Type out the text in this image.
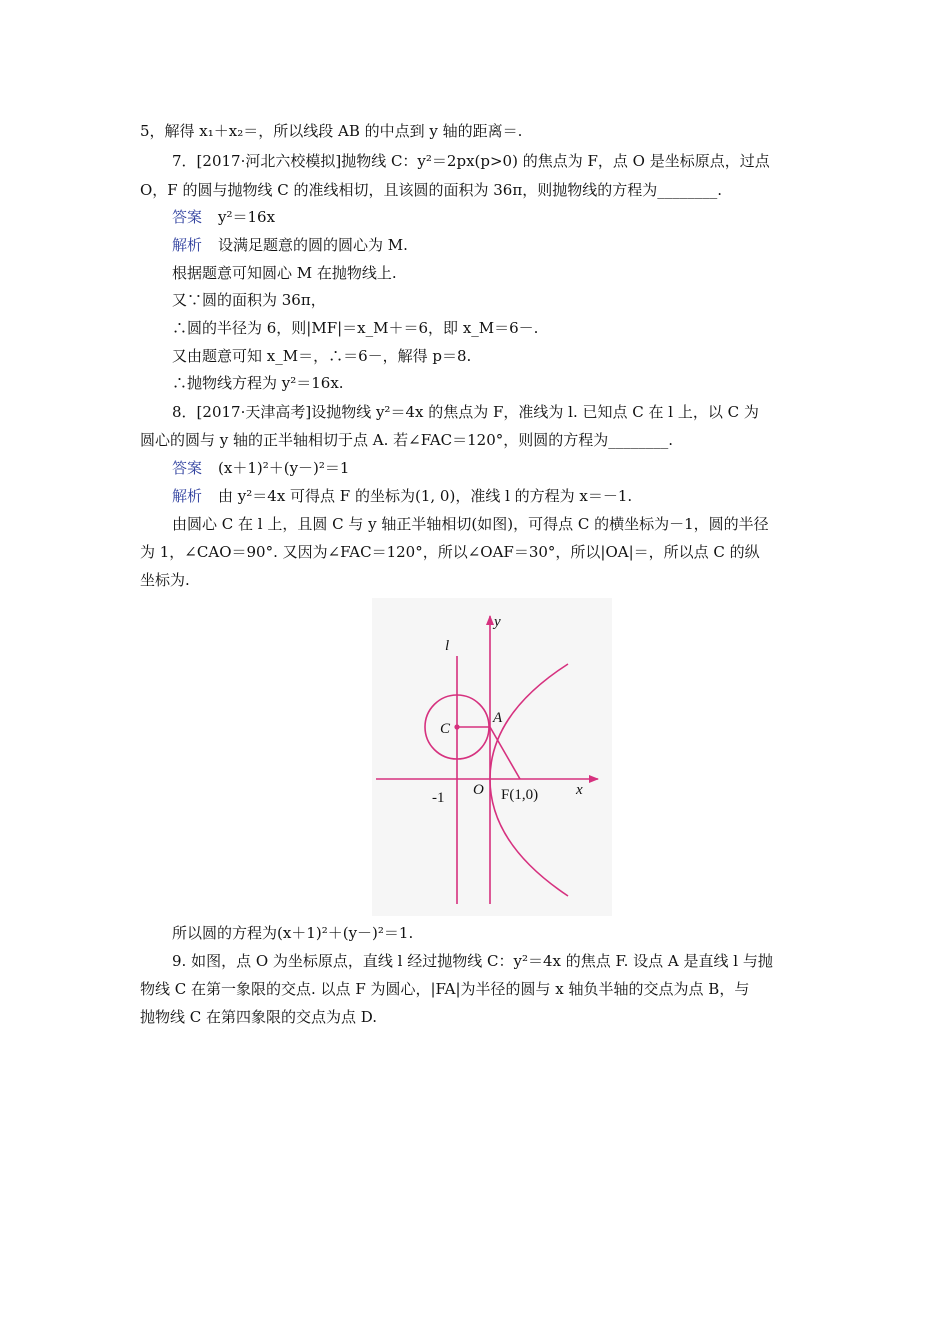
5，解得 x₁＋x₂＝，所以线段 AB 的中点到 y 轴的距离＝.
7．[2017·河北六校模拟]抛物线 C：y²＝2px(p>0) 的焦点为 F，点 O 是坐标原点，过点
O，F 的圆与抛物线 C 的准线相切，且该圆的面积为 36π，则抛物线的方程为________.
答案 y²＝16x
解析 设满足题意的圆的圆心为 M.
根据题意可知圆心 M 在抛物线上.
又∵圆的面积为 36π，
∴圆的半径为 6，则|MF|＝x_M＋＝6，即 x_M＝6－.
又由题意可知 x_M＝，∴＝6－，解得 p＝8.
∴抛物线方程为 y²＝16x.
8．[2017·天津高考]设抛物线 y²＝4x 的焦点为 F，准线为 l. 已知点 C 在 l 上，以 C 为
圆心的圆与 y 轴的正半轴相切于点 A. 若∠FAC＝120°，则圆的方程为________.
答案 (x＋1)²＋(y－)²＝1
解析 由 y²＝4x 可得点 F 的坐标为(1, 0)，准线 l 的方程为 x＝－1.
由圆心 C 在 l 上，且圆 C 与 y 轴正半轴相切(如图)，可得点 C 的横坐标为－1，圆的半径
为 1，∠CAO＝90°. 又因为∠FAC＝120°，所以∠OAF＝30°，所以|OA|＝，所以点 C 的纵
坐标为.
y
l
C
A
O
-1	F(1,0)	x
所以圆的方程为(x＋1)²＋(y－)²＝1.
9. 如图，点 O 为坐标原点，直线 l 经过抛物线 C：y²＝4x 的焦点 F. 设点 A 是直线 l 与抛
物线 C 在第一象限的交点. 以点 F 为圆心，|FA|为半径的圆与 x 轴负半轴的交点为点 B，与
抛物线 C 在第四象限的交点为点 D.
